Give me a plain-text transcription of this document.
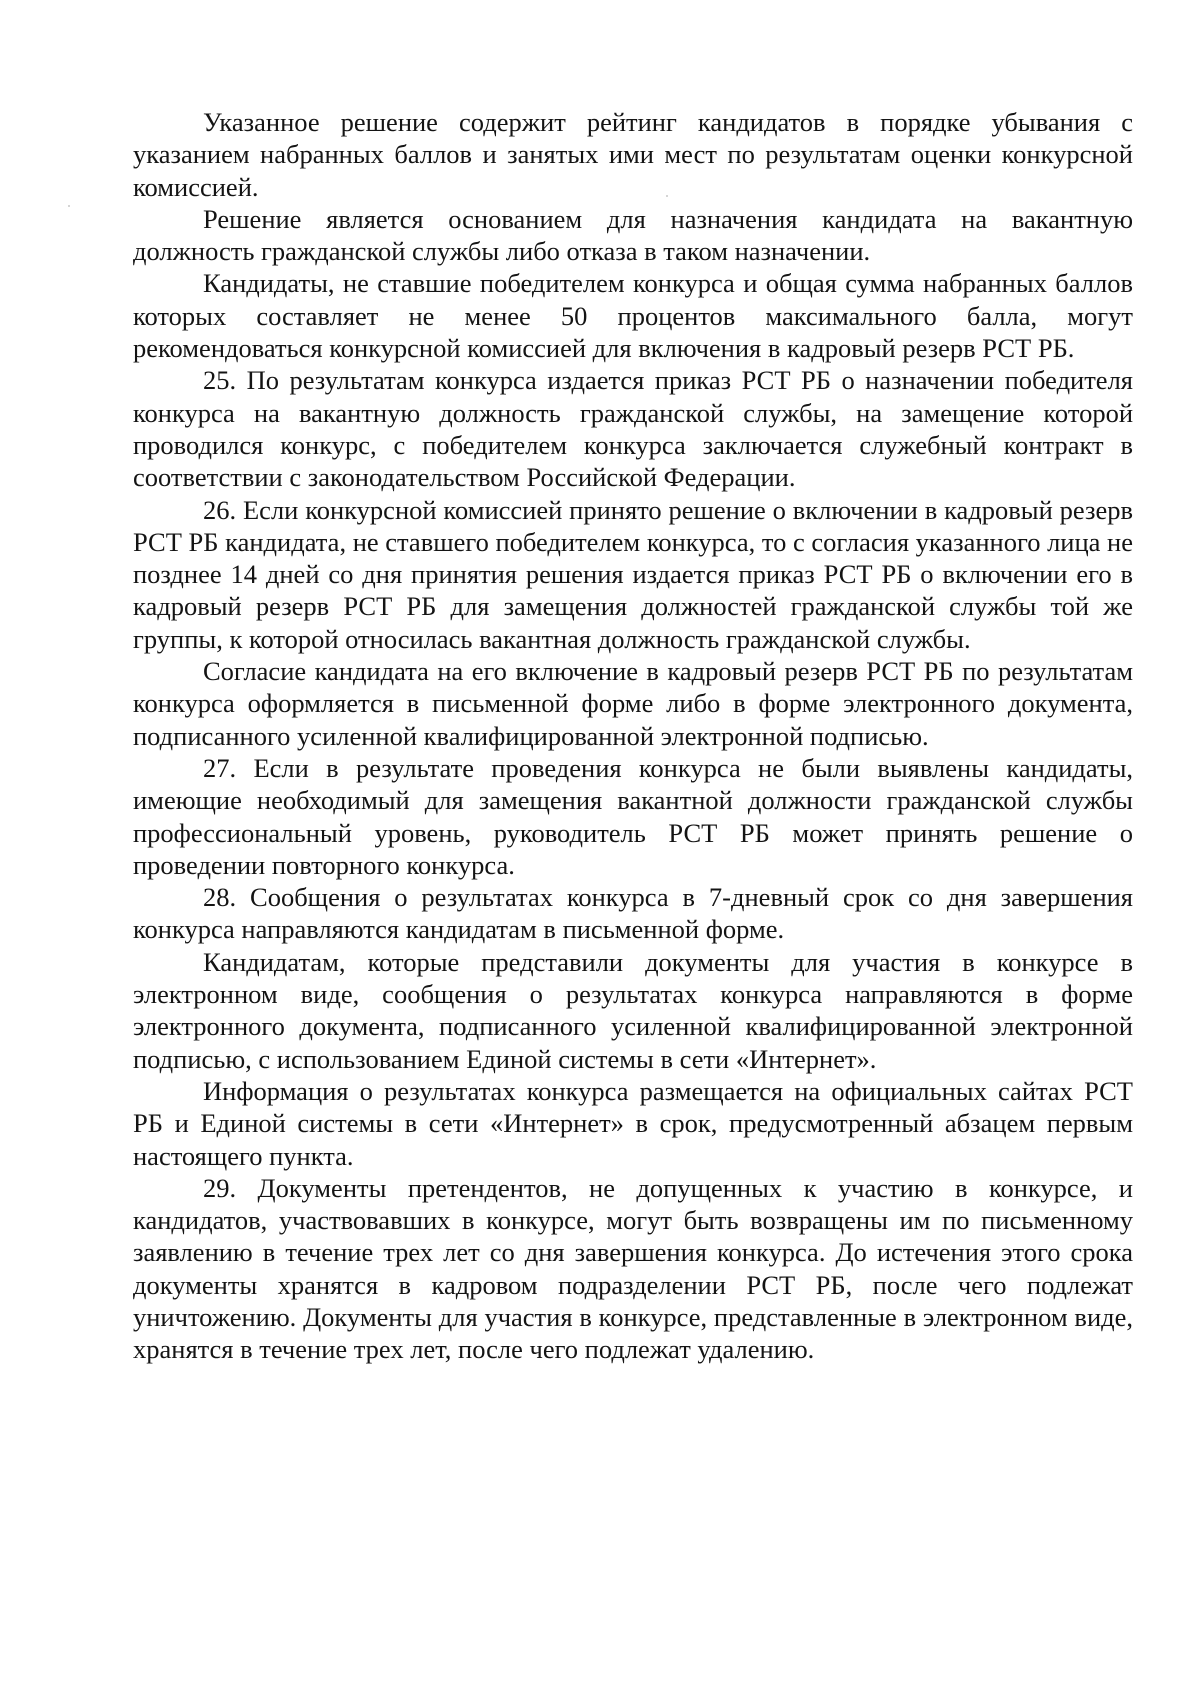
Указанное решение содержит рейтинг кандидатов в порядке убывания с указанием набранных баллов и занятых ими мест по результатам оценки конкурсной комиссией.

Решение является основанием для назначения кандидата на вакантную должность гражданской службы либо отказа в таком назначении.

Кандидаты, не ставшие победителем конкурса и общая сумма набранных баллов которых составляет не менее 50 процентов максимального балла, могут рекомендоваться конкурсной комиссией для включения в кадровый резерв РСТ РБ.

25. По результатам конкурса издается приказ РСТ РБ о назначении победителя конкурса на вакантную должность гражданской службы, на замещение которой проводился конкурс, с победителем конкурса заключается служебный контракт в соответствии с законодательством Российской Федерации.

26. Если конкурсной комиссией принято решение о включении в кадровый резерв РСТ РБ кандидата, не ставшего победителем конкурса, то с согласия указанного лица не позднее 14 дней со дня принятия решения издается приказ РСТ РБ о включении его в кадровый резерв РСТ РБ для замещения должностей гражданской службы той же группы, к которой относилась вакантная должность гражданской службы.

Согласие кандидата на его включение в кадровый резерв РСТ РБ по результатам конкурса оформляется в письменной форме либо в форме электронного документа, подписанного усиленной квалифицированной электронной подписью.

27. Если в результате проведения конкурса не были выявлены кандидаты, имеющие необходимый для замещения вакантной должности гражданской службы профессиональный уровень, руководитель РСТ РБ может принять решение о проведении повторного конкурса.

28. Сообщения о результатах конкурса в 7-дневный срок со дня завершения конкурса направляются кандидатам в письменной форме.

Кандидатам, которые представили документы для участия в конкурсе в электронном виде, сообщения о результатах конкурса направляются в форме электронного документа, подписанного усиленной квалифицированной электронной подписью, с использованием Единой системы в сети «Интернет».

Информация о результатах конкурса размещается на официальных сайтах РСТ РБ и Единой системы в сети «Интернет» в срок, предусмотренный абзацем первым настоящего пункта.

29. Документы претендентов, не допущенных к участию в конкурсе, и кандидатов, участвовавших в конкурсе, могут быть возвращены им по письменному заявлению в течение трех лет со дня завершения конкурса. До истечения этого срока документы хранятся в кадровом подразделении РСТ РБ, после чего подлежат уничтожению. Документы для участия в конкурсе, представленные в электронном виде, хранятся в течение трех лет, после чего подлежат удалению.
